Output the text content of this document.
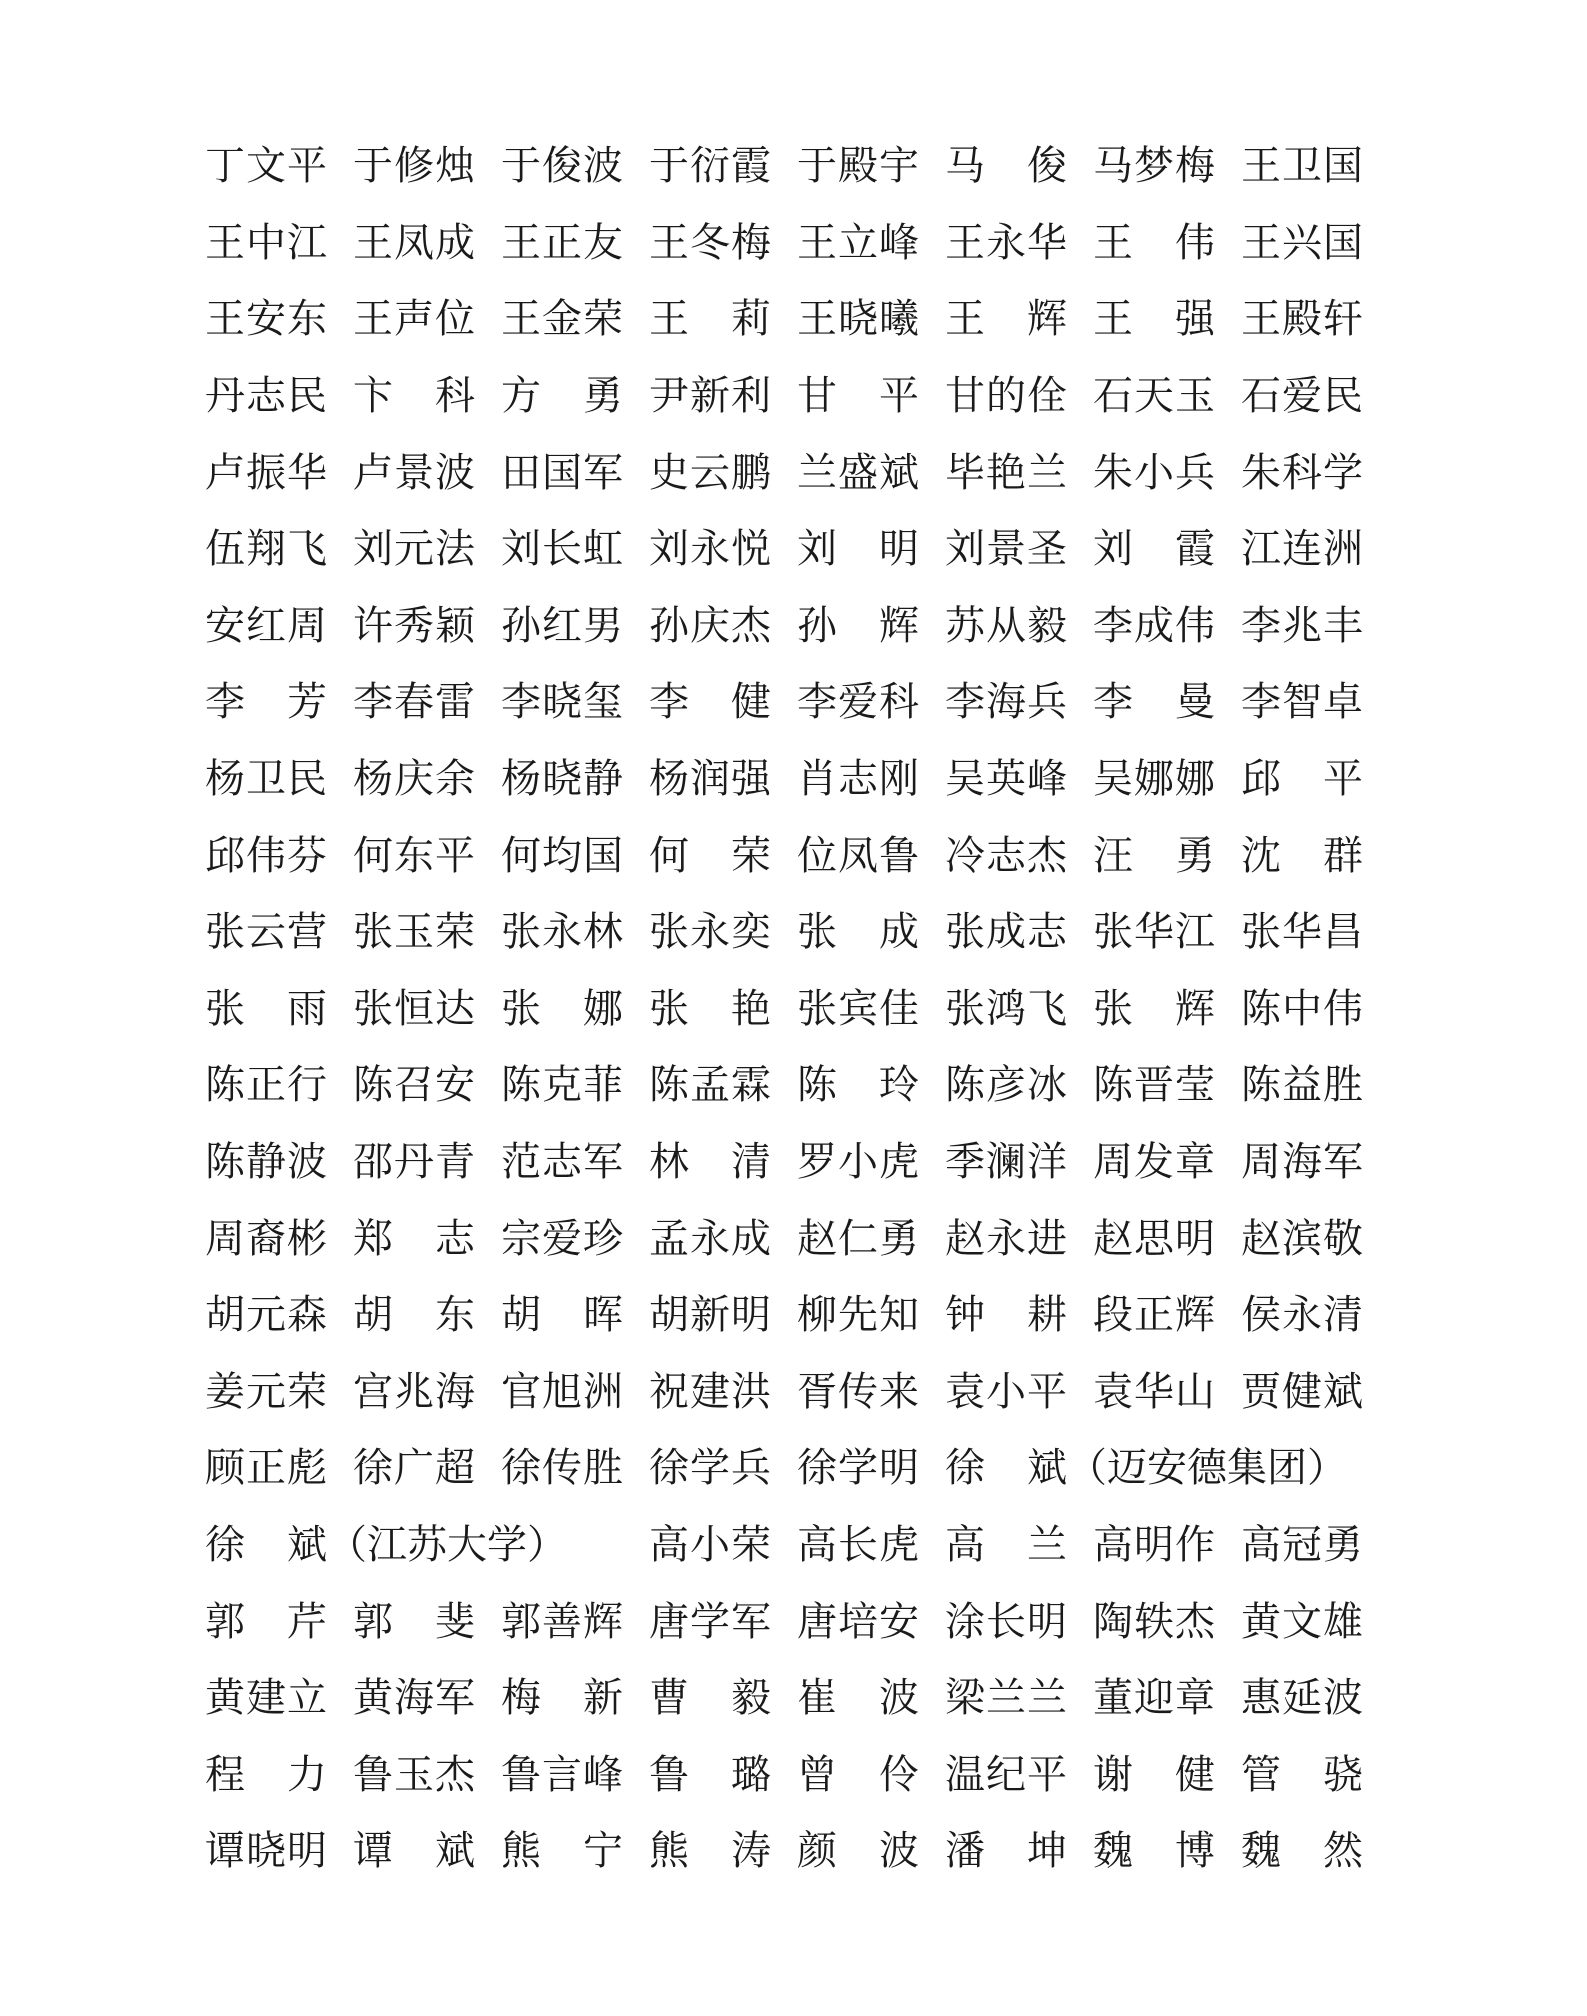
丁 文 平 于 修 烛 于 俊 波 于 衍 霞 于 殿 宇 马 俊 马 梦 梅 王 卫 国
王 中 江 王 凤 成 王 正 友 王 冬 梅 王 立 峰 王 永 华 王 伟 王 兴 国
王 安 东 王 声 位 王 金 荣 王 莉 王 晓 曦 王 辉 王 强 王 殿 轩
丹 志 民 卞 科 方 勇 尹 新 利 甘 平 甘 的 佺 石 天 玉 石 爱 民
卢 振 华 卢 景 波 田 国 军 史 云 鹏 兰 盛 斌 毕 艳 兰 朱 小 兵 朱 科 学
伍 翔 飞 刘 元 法 刘 长 虹 刘 永 悦 刘 明 刘 景 圣 刘 霞 江 连 洲
安 红 周 许 秀 颖 孙 红 男 孙 庆 杰 孙 辉 苏 从 毅 李 成 伟 李 兆 丰
李 芳 李 春 雷 李 晓 玺 李 健 李 爱 科 李 海 兵 李 曼 李 智 卓
杨 卫 民 杨 庆 余 杨 晓 静 杨 润 强 肖 志 刚 吴 英 峰 吴 娜 娜 邱 平
邱 伟 芬 何 东 平 何 均 国 何 荣 位 凤 鲁 冷 志 杰 汪 勇 沈 群
张 云 营 张 玉 荣 张 永 林 张 永 奕 张 成 张 成 志 张 华 江 张 华 昌
张 雨 张 恒 达 张 娜 张 艳 张 宾 佳 张 鸿 飞 张 辉 陈 中 伟
陈 正 行 陈 召 安 陈 克 菲 陈 孟 霖 陈 玲 陈 彦 冰 陈 晋 莹 陈 益 胜
陈 静 波 邵 丹 青 范 志 军 林 清 罗 小 虎 季 澜 洋 周 发 章 周 海 军
周 裔 彬 郑 志 宗 爱 珍 孟 永 成 赵 仁 勇 赵 永 进 赵 思 明 赵 滨 敬
胡 元 森 胡 东 胡 晖 胡 新 明 柳 先 知 钟 耕 段 正 辉 侯 永 清
姜 元 荣 宫 兆 海 官 旭 洲 祝 建 洪 胥 传 来 袁 小 平 袁 华 山 贾 健 斌
顾 正 彪 徐 广 超 徐 传 胜 徐 学 兵 徐 学 明 徐 斌 （迈安德集团）
徐 斌 （江苏大学） 高 小 荣 高 长 虎 高 兰 高 明 作 高 冠 勇
郭 芹 郭 斐 郭 善 辉 唐 学 军 唐 培 安 涂 长 明 陶 轶 杰 黄 文 雄
黄 建 立 黄 海 军 梅 新 曹 毅 崔 波 梁 兰 兰 董 迎 章 惠 延 波
程 力 鲁 玉 杰 鲁 言 峰 鲁 璐 曾 伶 温 纪 平 谢 健 管 骁
谭 晓 明 谭 斌 熊 宁 熊 涛 颜 波 潘 坤 魏 博 魏 然
